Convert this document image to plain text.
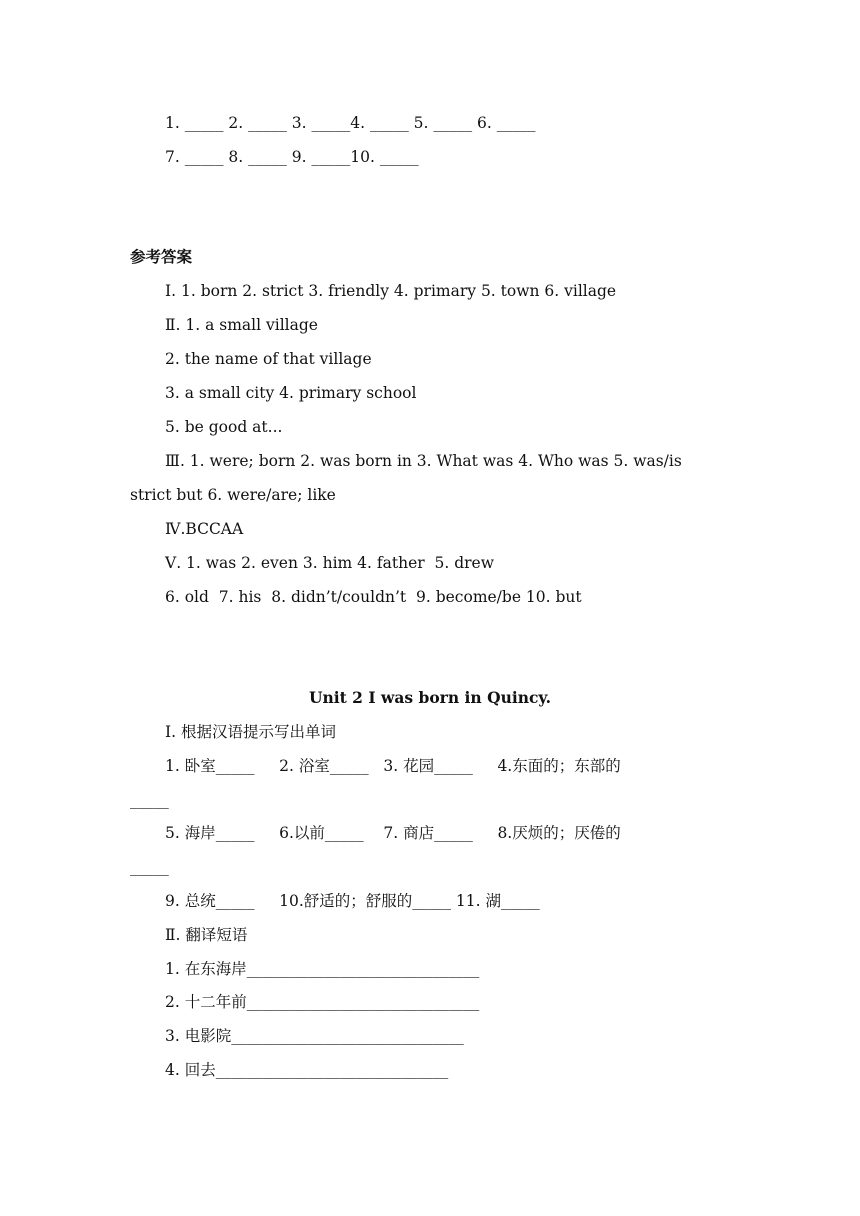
1. _____ 2. _____ 3. _____4. _____ 5. _____ 6. _____
7. _____ 8. _____ 9. _____10. _____
参考答案
Ⅰ. 1. born 2. strict 3. friendly 4. primary 5. town 6. village
Ⅱ. 1. a small village
2. the name of that village
3. a small city 4. primary school
5. be good at...
Ⅲ. 1. were; born 2. was born in 3. What was 4. Who was 5. was/is
strict but 6. were/are; like
Ⅳ.BCCAA
Ⅴ. 1. was 2. even 3. him 4. father  5. drew
6. old  7. his  8. didn’t/couldn’t  9. become/be 10. but
Unit 2 I was born in Quincy.
Ⅰ. 根据汉语提示写出单词
1. 卧室_____     2. 浴室_____   3. 花园_____     4.东面的；东部的
_____
5. 海岸_____     6.以前_____    7. 商店_____     8.厌烦的；厌倦的
_____
9. 总统_____     10.舒适的；舒服的_____ 11. 湖_____
Ⅱ. 翻译短语
1. 在东海岸______________________________
2. 十二年前______________________________
3. 电影院______________________________
4. 回去______________________________
